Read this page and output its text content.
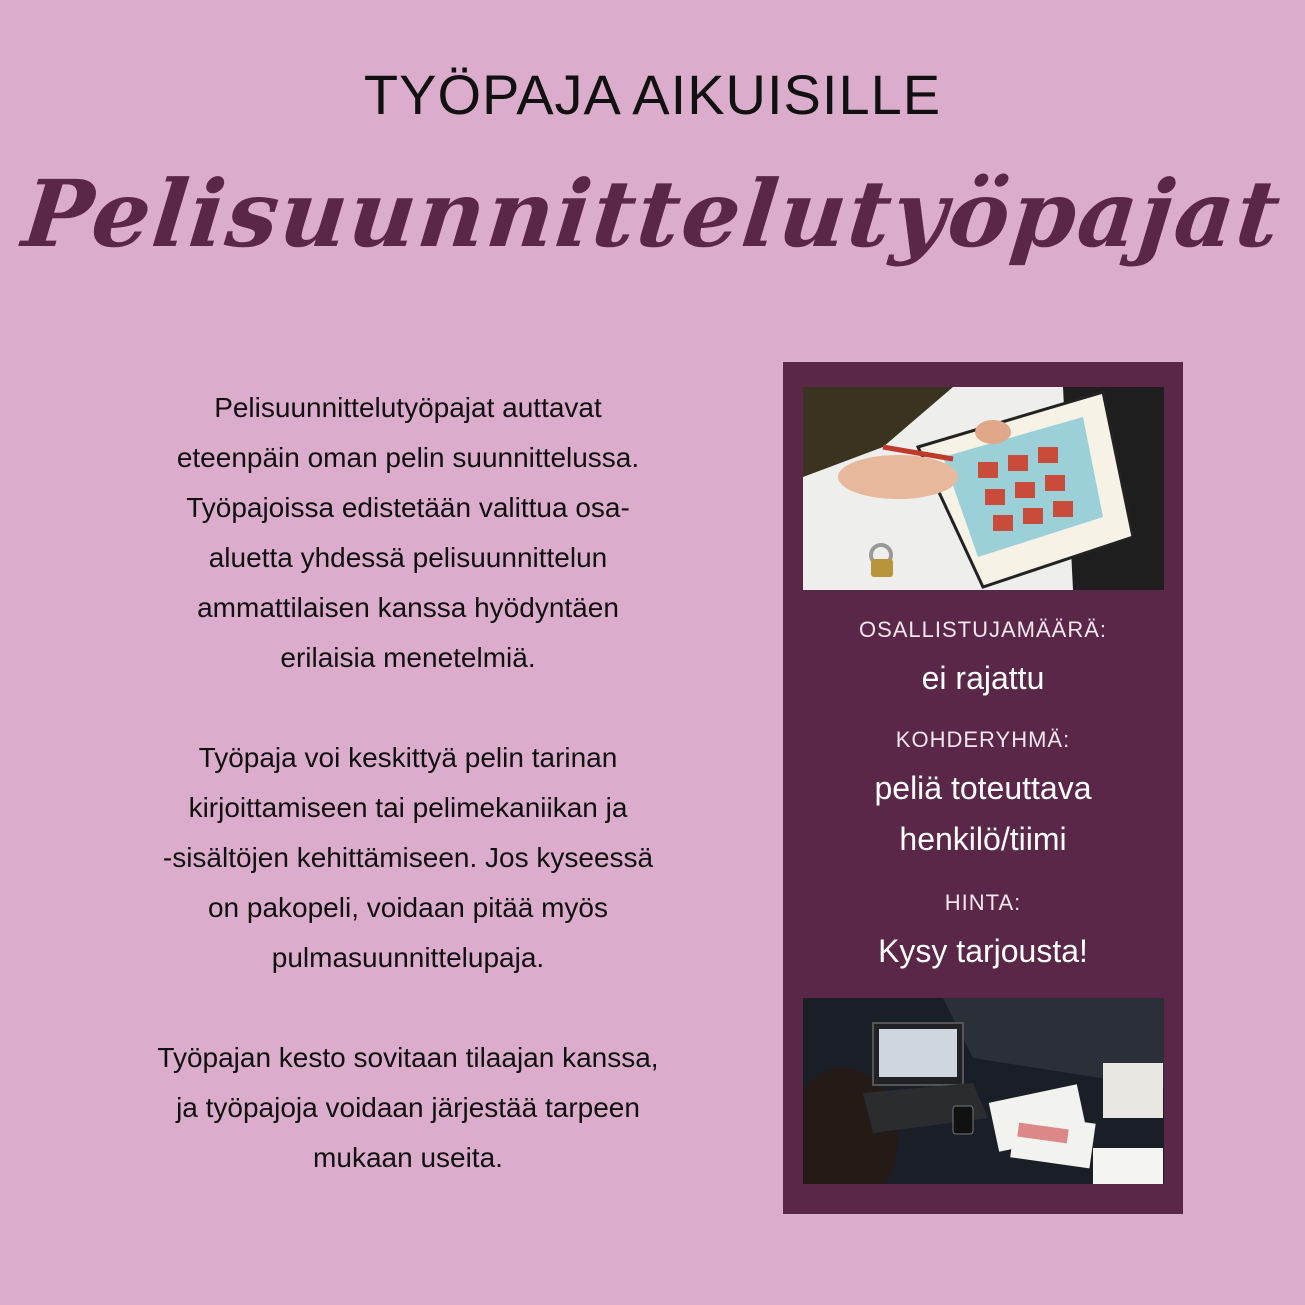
TYÖPAJA AIKUISILLE
Pelisuunnittelutyöpajat

Pelisuunnittelutyöpajat auttavat
eteenpäin oman pelin suunnittelussa.
Työpajoissa edistetään valittua osa-
aluetta yhdessä pelisuunnittelun
ammattilaisen kanssa hyödyntäen
erilaisia menetelmiä.

Työpaja voi keskittyä pelin tarinan
kirjoittamiseen tai pelimekaniikan ja
-sisältöjen kehittämiseen. Jos kyseessä
on pakopeli, voidaan pitää myös
pulmasuunnittelupaja.

Työpajan kesto sovitaan tilaajan kanssa,
ja työpajoja voidaan järjestää tarpeen
mukaan useita.

OSALLISTUJAMÄÄRÄ:
ei rajattu
KOHDERYHMÄ:
peliä toteuttava
henkilö/tiimi
HINTA:
Kysy tarjousta!
